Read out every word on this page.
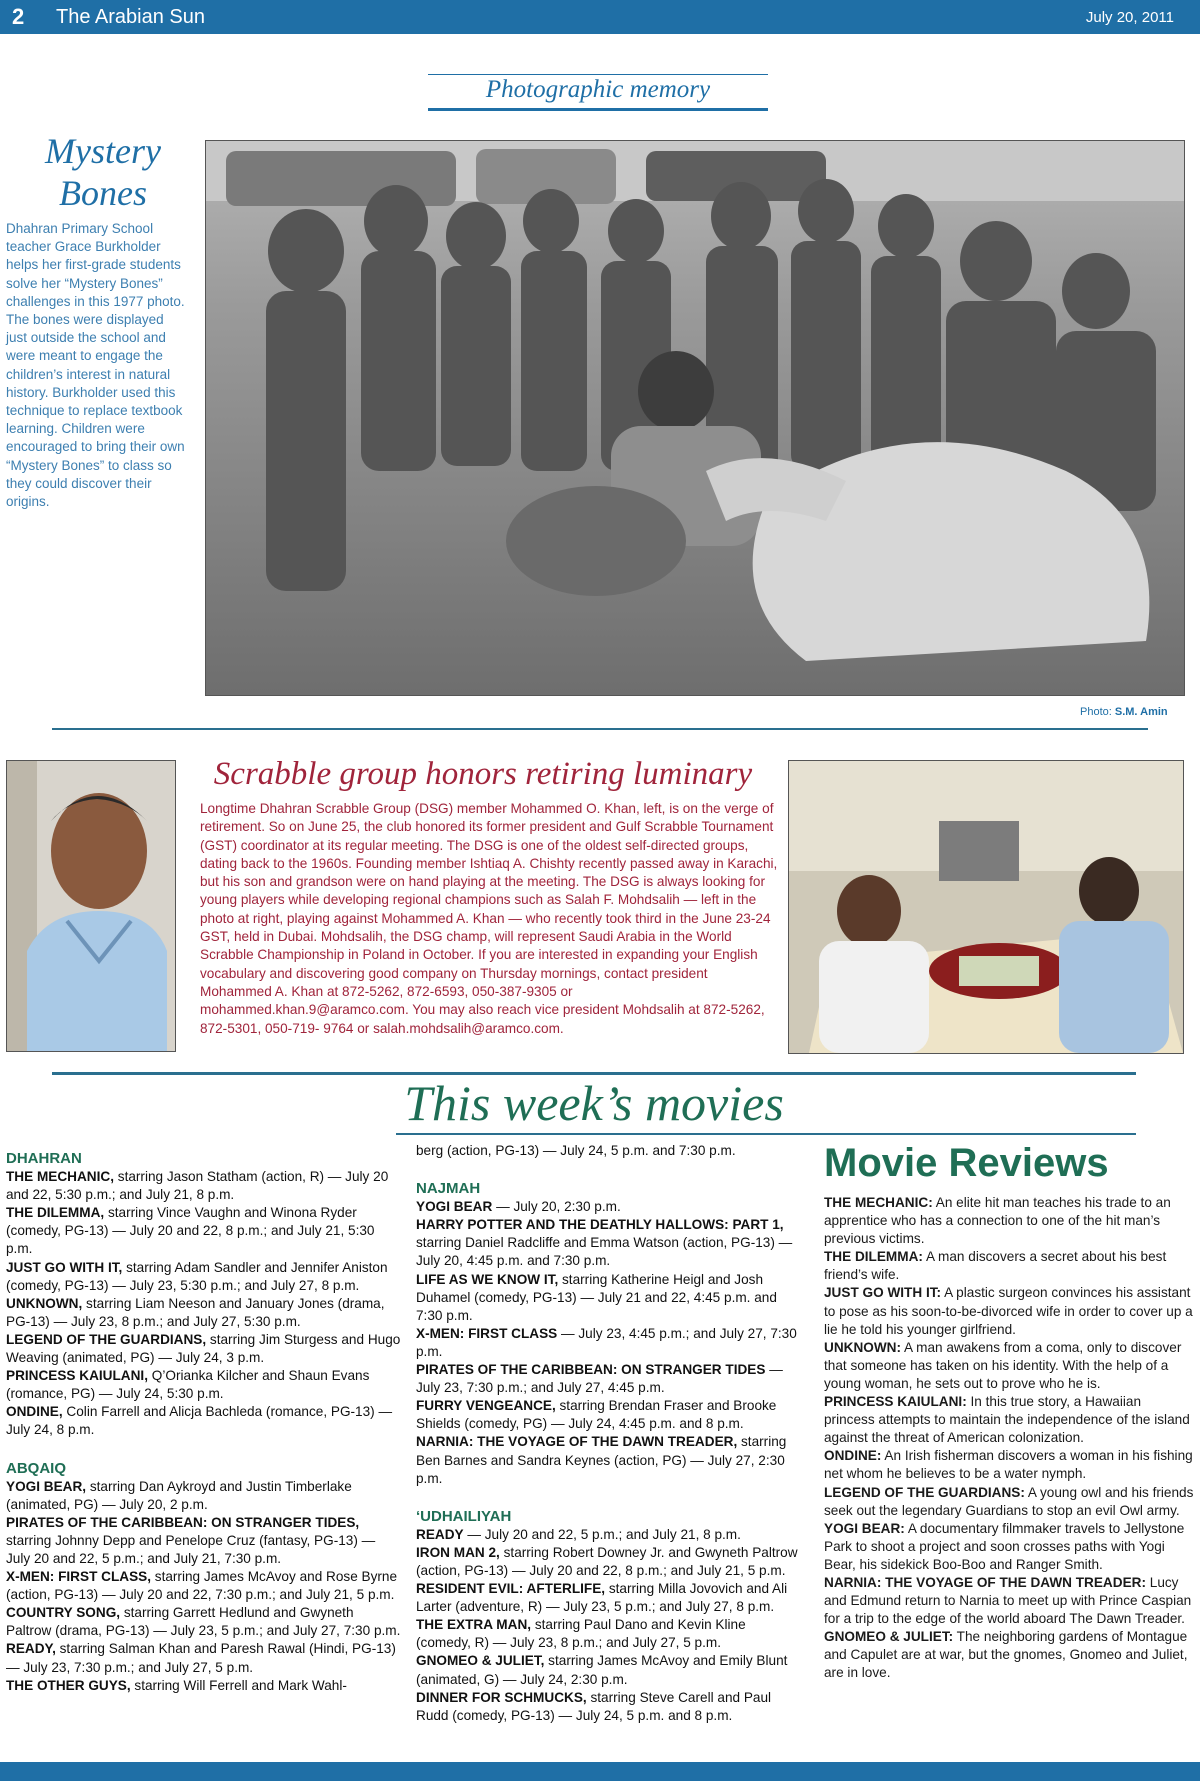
2 The Arabian Sun	July 20, 2011
Photographic memory
Mystery
Bones
Dhahran Primary School teacher Grace Burkholder helps her first-grade students solve her “Mystery Bones” challenges in this 1977 photo. The bones were displayed just outside the school and were meant to engage the children’s interest in natural history. Burkholder used this technique to replace textbook learning. Children were encouraged to bring their own “Mystery Bones” to class so they could discover their origins.
Photo: S.M. Amin
Scrabble group honors retiring luminary
Longtime Dhahran Scrabble Group (DSG) member Mohammed O. Khan, left, is on the verge of retirement. So on June 25, the club honored its former president and Gulf Scrabble Tournament (GST) coordinator at its regular meeting. The DSG is one of the oldest self-directed groups, dating back to the 1960s. Founding member Ishtiaq A. Chishty recently passed away in Karachi, but his son and grandson were on hand playing at the meeting. The DSG is always looking for young players while developing regional champions such as Salah F. Mohdsalih — left in the photo at right, playing against Mohammed A. Khan — who recently took third in the June 23-24 GST, held in Dubai. Mohdsalih, the DSG champ, will represent Saudi Arabia in the World Scrabble Championship in Poland in October. If you are interested in expanding your English vocabulary and discovering good company on Thursday mornings, contact president Mohammed A. Khan at 872-5262, 872-6593, 050-387-9305 or mohammed.khan.9@aramco.com. You may also reach vice president Mohdsalih at 872-5262, 872-5301, 050-719- 9764 or salah.mohdsalih@aramco.com.
This week’s movies
DHAHRAN
THE MECHANIC, starring Jason Statham (action, R) — July 20 and 22, 5:30 p.m.; and July 21, 8 p.m.
THE DILEMMA, starring Vince Vaughn and Winona Ryder (comedy, PG-13) — July 20 and 22, 8 p.m.; and July 21, 5:30 p.m.
JUST GO WITH IT, starring Adam Sandler and Jennifer Aniston (comedy, PG-13) — July 23, 5:30 p.m.; and July 27, 8 p.m.
UNKNOWN, starring Liam Neeson and January Jones (drama, PG-13) — July 23, 8 p.m.; and July 27, 5:30 p.m.
LEGEND OF THE GUARDIANS, starring Jim Sturgess and Hugo Weaving (animated, PG) — July 24, 3 p.m.
PRINCESS KAIULANI, Q’Orianka Kilcher and Shaun Evans (romance, PG) — July 24, 5:30 p.m.
ONDINE, Colin Farrell and Alicja Bachleda (romance, PG-13) — July 24, 8 p.m.
ABQAIQ
YOGI BEAR, starring Dan Aykroyd and Justin Timberlake (animated, PG) — July 20, 2 p.m.
PIRATES OF THE CARIBBEAN: ON STRANGER TIDES, starring Johnny Depp and Penelope Cruz (fantasy, PG-13) — July 20 and 22, 5 p.m.; and July 21, 7:30 p.m.
X-MEN: FIRST CLASS, starring James McAvoy and Rose Byrne (action, PG-13) — July 20 and 22, 7:30 p.m.; and July 21, 5 p.m.
COUNTRY SONG, starring Garrett Hedlund and Gwyneth Paltrow (drama, PG-13) — July 23, 5 p.m.; and July 27, 7:30 p.m.
READY, starring Salman Khan and Paresh Rawal (Hindi, PG-13) — July 23, 7:30 p.m.; and July 27, 5 p.m.
THE OTHER GUYS, starring Will Ferrell and Mark Wahl-
berg (action, PG-13) — July 24, 5 p.m. and 7:30 p.m.
NAJMAH
YOGI BEAR — July 20, 2:30 p.m.
HARRY POTTER AND THE DEATHLY HALLOWS: PART 1, starring Daniel Radcliffe and Emma Watson (action, PG-13) — July 20, 4:45 p.m. and 7:30 p.m.
LIFE AS WE KNOW IT, starring Katherine Heigl and Josh Duhamel (comedy, PG-13) — July 21 and 22, 4:45 p.m. and 7:30 p.m.
X-MEN: FIRST CLASS — July 23, 4:45 p.m.; and July 27, 7:30 p.m.
PIRATES OF THE CARIBBEAN: ON STRANGER TIDES — July 23, 7:30 p.m.; and July 27, 4:45 p.m.
FURRY VENGEANCE, starring Brendan Fraser and Brooke Shields (comedy, PG) — July 24, 4:45 p.m. and 8 p.m.
NARNIA: THE VOYAGE OF THE DAWN TREADER, starring Ben Barnes and Sandra Keynes (action, PG) — July 27, 2:30 p.m.
‘UDHAILIYAH
READY — July 20 and 22, 5 p.m.; and July 21, 8 p.m.
IRON MAN 2, starring Robert Downey Jr. and Gwyneth Paltrow (action, PG-13) — July 20 and 22, 8 p.m.; and July 21, 5 p.m.
RESIDENT EVIL: AFTERLIFE, starring Milla Jovovich and Ali Larter (adventure, R) — July 23, 5 p.m.; and July 27, 8 p.m.
THE EXTRA MAN, starring Paul Dano and Kevin Kline (comedy, R) — July 23, 8 p.m.; and July 27, 5 p.m.
GNOMEO & JULIET, starring James McAvoy and Emily Blunt (animated, G) — July 24, 2:30 p.m.
DINNER FOR SCHMUCKS, starring Steve Carell and Paul Rudd (comedy, PG-13) — July 24, 5 p.m. and 8 p.m.
Movie Reviews
THE MECHANIC: An elite hit man teaches his trade to an apprentice who has a connection to one of the hit man’s previous victims.
THE DILEMMA: A man discovers a secret about his best friend’s wife.
JUST GO WITH IT: A plastic surgeon convinces his assistant to pose as his soon-to-be-divorced wife in order to cover up a lie he told his younger girlfriend.
UNKNOWN: A man awakens from a coma, only to discover that someone has taken on his identity. With the help of a young woman, he sets out to prove who he is.
PRINCESS KAIULANI: In this true story, a Hawaiian princess attempts to maintain the independence of the island against the threat of American colonization.
ONDINE: An Irish fisherman discovers a woman in his fishing net whom he believes to be a water nymph.
LEGEND OF THE GUARDIANS: A young owl and his friends seek out the legendary Guardians to stop an evil Owl army.
YOGI BEAR: A documentary filmmaker travels to Jellystone Park to shoot a project and soon crosses paths with Yogi Bear, his sidekick Boo-Boo and Ranger Smith.
NARNIA: THE VOYAGE OF THE DAWN TREADER: Lucy and Edmund return to Narnia to meet up with Prince Caspian for a trip to the edge of the world aboard The Dawn Treader.
GNOMEO & JULIET: The neighboring gardens of Montague and Capulet are at war, but the gnomes, Gnomeo and Juliet, are in love.
